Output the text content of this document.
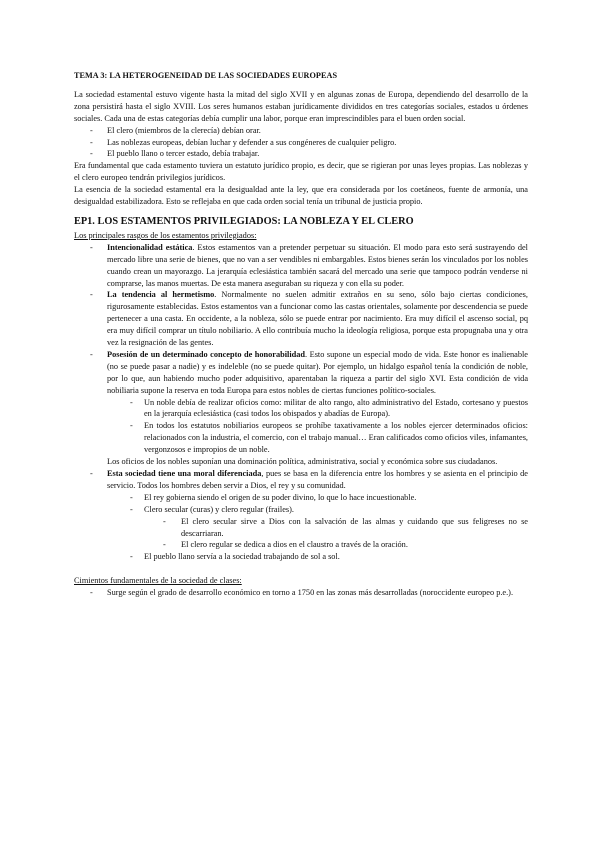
TEMA 3: LA HETEROGENEIDAD DE LAS SOCIEDADES EUROPEAS

La sociedad estamental estuvo vigente hasta la mitad del siglo XVII y en algunas zonas de Europa, dependiendo del desarrollo de la zona persistirá hasta el siglo XVIII. Los seres humanos estaban jurídicamente divididos en tres categorías sociales, estados u órdenes sociales. Cada una de estas categorías debía cumplir una labor, porque eran imprescindibles para el buen orden social.

- El clero (miembros de la clerecía) debían orar.
- Las noblezas europeas, debían luchar y defender a sus congéneres de cualquier peligro.
- El pueblo llano o tercer estado, debía trabajar.

Era fundamental que cada estamento tuviera un estatuto jurídico propio, es decir, que se rigieran por unas leyes propias. Las noblezas y el clero europeo tendrán privilegios jurídicos.

La esencia de la sociedad estamental era la desigualdad ante la ley, que era considerada por los coetáneos, fuente de armonía, una desigualdad estabilizadora. Esto se reflejaba en que cada orden social tenía un tribunal de justicia propio.

EP1. LOS ESTAMENTOS PRIVILEGIADOS: LA NOBLEZA Y EL CLERO

Los principales rasgos de los estamentos privilegiados:

- Intencionalidad estática. Estos estamentos van a pretender perpetuar su situación. El modo para esto será sustrayendo del mercado libre una serie de bienes, que no van a ser vendibles ni embargables. Estos bienes serán los vinculados por los nobles cuando crean un mayorazgo. La jerarquía eclesiástica también sacará del mercado una serie que tampoco podrán venderse ni comprarse, las manos muertas. De esta manera aseguraban su riqueza y con ella su poder.
- La tendencia al hermetismo. Normalmente no suelen admitir extraños en su seno, sólo bajo ciertas condiciones, rigurosamente establecidas. Estos estamentos van a funcionar como las castas orientales, solamente por descendencia se puede pertenecer a una casta. En occidente, a la nobleza, sólo se puede entrar por nacimiento. Era muy difícil el ascenso social, pq era muy difícil comprar un título nobiliario. A ello contribuía mucho la ideología religiosa, porque esta propugnaba una y otra vez la resignación de las gentes.
- Posesión de un determinado concepto de honorabilidad. Esto supone un especial modo de vida. Este honor es inalienable (no se puede pasar a nadie) y es indeleble (no se puede quitar). Por ejemplo, un hidalgo español tenía la condición de noble, por lo que, aun habiendo mucho poder adquisitivo, aparentaban la riqueza a partir del siglo XVI. Esta condición de vida nobiliaria supone la reserva en toda Europa para estos nobles de ciertas funciones político-sociales.
- Un noble debía de realizar oficios como: militar de alto rango, alto administrativo del Estado, cortesano y puestos en la jerarquía eclesiástica (casi todos los obispados y abadías de Europa).
- En todos los estatutos nobiliarios europeos se prohíbe taxativamente a los nobles ejercer determinados oficios: relacionados con la industria, el comercio, con el trabajo manual… Eran calificados como oficios viles, infamantes, vergonzosos e impropios de un noble.

Los oficios de los nobles suponían una dominación política, administrativa, social y económica sobre sus ciudadanos.

- Esta sociedad tiene una moral diferenciada, pues se basa en la diferencia entre los hombres y se asienta en el principio de servicio. Todos los hombres deben servir a Dios, el rey y su comunidad.
- El rey gobierna siendo el origen de su poder divino, lo que lo hace incuestionable.
- Clero secular (curas) y clero regular (frailes).
- El clero secular sirve a Dios con la salvación de las almas y cuidando que sus feligreses no se descarriaran.
- El clero regular se dedica a dios en el claustro a través de la oración.
- El pueblo llano servía a la sociedad trabajando de sol a sol.

Cimientos fundamentales de la sociedad de clases:

- Surge según el grado de desarrollo económico en torno a 1750 en las zonas más desarrolladas (noroccidente europeo p.e.).
